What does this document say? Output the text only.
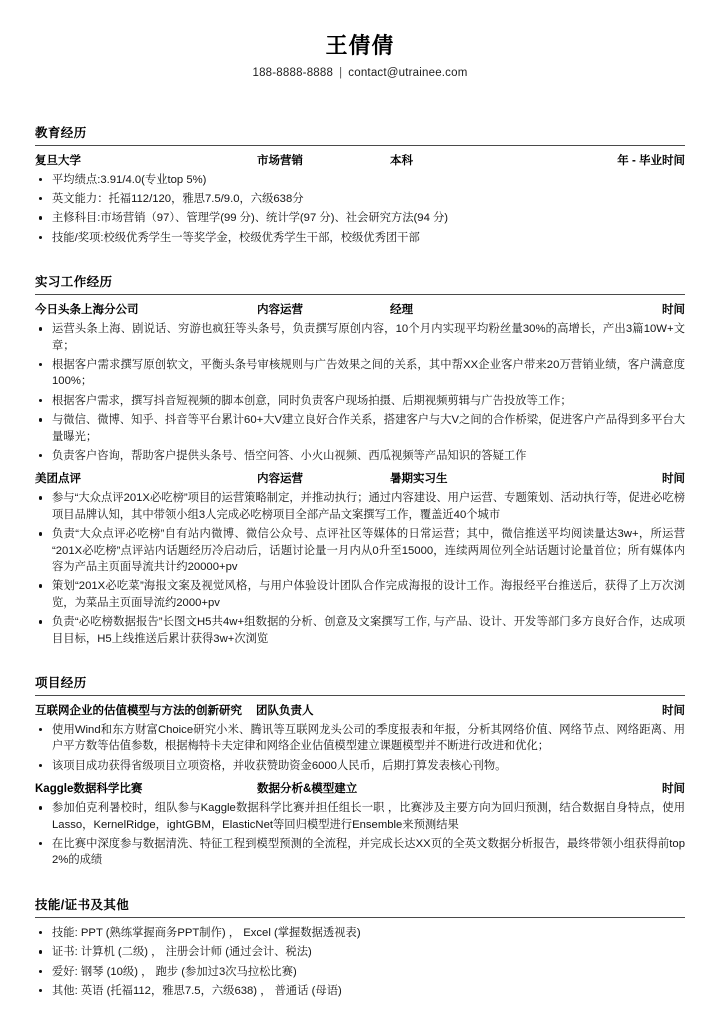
王倩倩
188-8888-8888 | contact@utrainee.com
教育经历
复旦大学	市场营销	本科	年 - 毕业时间
平均绩点:3.91/4.0(专业top 5%)
英文能力：托福112/120，雅思7.5/9.0，六级638分
主修科目:市场营销（97）、管理学(99 分)、统计学(97 分)、社会研究方法(94 分)
技能/奖项:校级优秀学生一等奖学金，校级优秀学生干部，校级优秀团干部
实习工作经历
今日头条上海分公司	内容运营	经理	时间
运营头条上海、剧说话、穷游也疯狂等头条号，负责撰写原创内容，10个月内实现平均粉丝量30%的高增长，产出3篇10W+文章；
根据客户需求撰写原创软文，平衡头条号审核规则与广告效果之间的关系，其中帮XX企业客户带来20万营销业绩，客户满意度100%；
根据客户需求，撰写抖音短视频的脚本创意，同时负责客户现场拍摄、后期视频剪辑与广告投放等工作；
与微信、微博、知乎、抖音等平台累计60+大V建立良好合作关系，搭建客户与大V之间的合作桥梁，促进客户产品得到多平台大量曝光；
负责客户咨询，帮助客户提供头条号、悟空问答、小火山视频、西瓜视频等产品知识的答疑工作
美团点评	内容运营	暑期实习生	时间
参与“大众点评201X必吃榜”项目的运营策略制定，并推动执行；通过内容建设、用户运营、专题策划、活动执行等，促进必吃榜项目品牌认知，其中带领小组3人完成必吃榜项目全部产品文案撰写工作，覆盖近40个城市
负责“大众点评必吃榜”自有站内微博、微信公众号、点评社区等媒体的日常运营；其中，微信推送平均阅读量达3w+，所运营“201X必吃榜”点评站内话题经历冷启动后，话题讨论量一月内从0升至15000，连续两周位列全站话题讨论量首位；所有媒体内容为产品主页面导流共计约20000+pv
策划“201X必吃菜”海报文案及视觉风格，与用户体验设计团队合作完成海报的设计工作。海报经平台推送后，获得了上万次浏览，为菜品主页面导流约2000+pv
负责“必吃榜数据报告”长图文H5共4w+组数据的分析、创意及文案撰写工作, 与产品、设计、开发等部门多方良好合作，达成项目目标，H5上线推送后累计获得3w+次浏览
项目经历
互联网企业的估值模型与方法的创新研究 团队负责人	时间
使用Wind和东方财富Choice研究小米、腾讯等互联网龙头公司的季度报表和年报，分析其网络价值、网络节点、网络距离、用户平方数等估值参数，根据梅特卡夫定律和网络企业估值模型建立课题模型并不断进行改进和优化；
该项目成功获得省级项目立项资格，并收获赞助资金6000人民币，后期打算发表核心刊物。
Kaggle数据科学比赛	数据分析&模型建立	时间
参加伯克利暑校时，组队参与Kaggle数据科学比赛并担任组长一职 ，比赛涉及主要方向为回归预测，结合数据自身特点，使用Lasso，KernelRidge，ightGBM，ElasticNet等回归模型进行Ensemble来预测结果
在比赛中深度参与数据清洗、特征工程到模型预测的全流程，并完成长达XX页的全英文数据分析报告，最终带领小组获得前top 2%的成绩
技能/证书及其他
技能: PPT (熟练掌握商务PPT制作) ， Excel (掌握数据透视表)
证书: 计算机 (二级) ， 注册会计师 (通过会计、税法)
爱好: 钢琴 (10级) ， 跑步 (参加过3次马拉松比赛)
其他: 英语 (托福112，雅思7.5，六级638) ， 普通话 (母语)
